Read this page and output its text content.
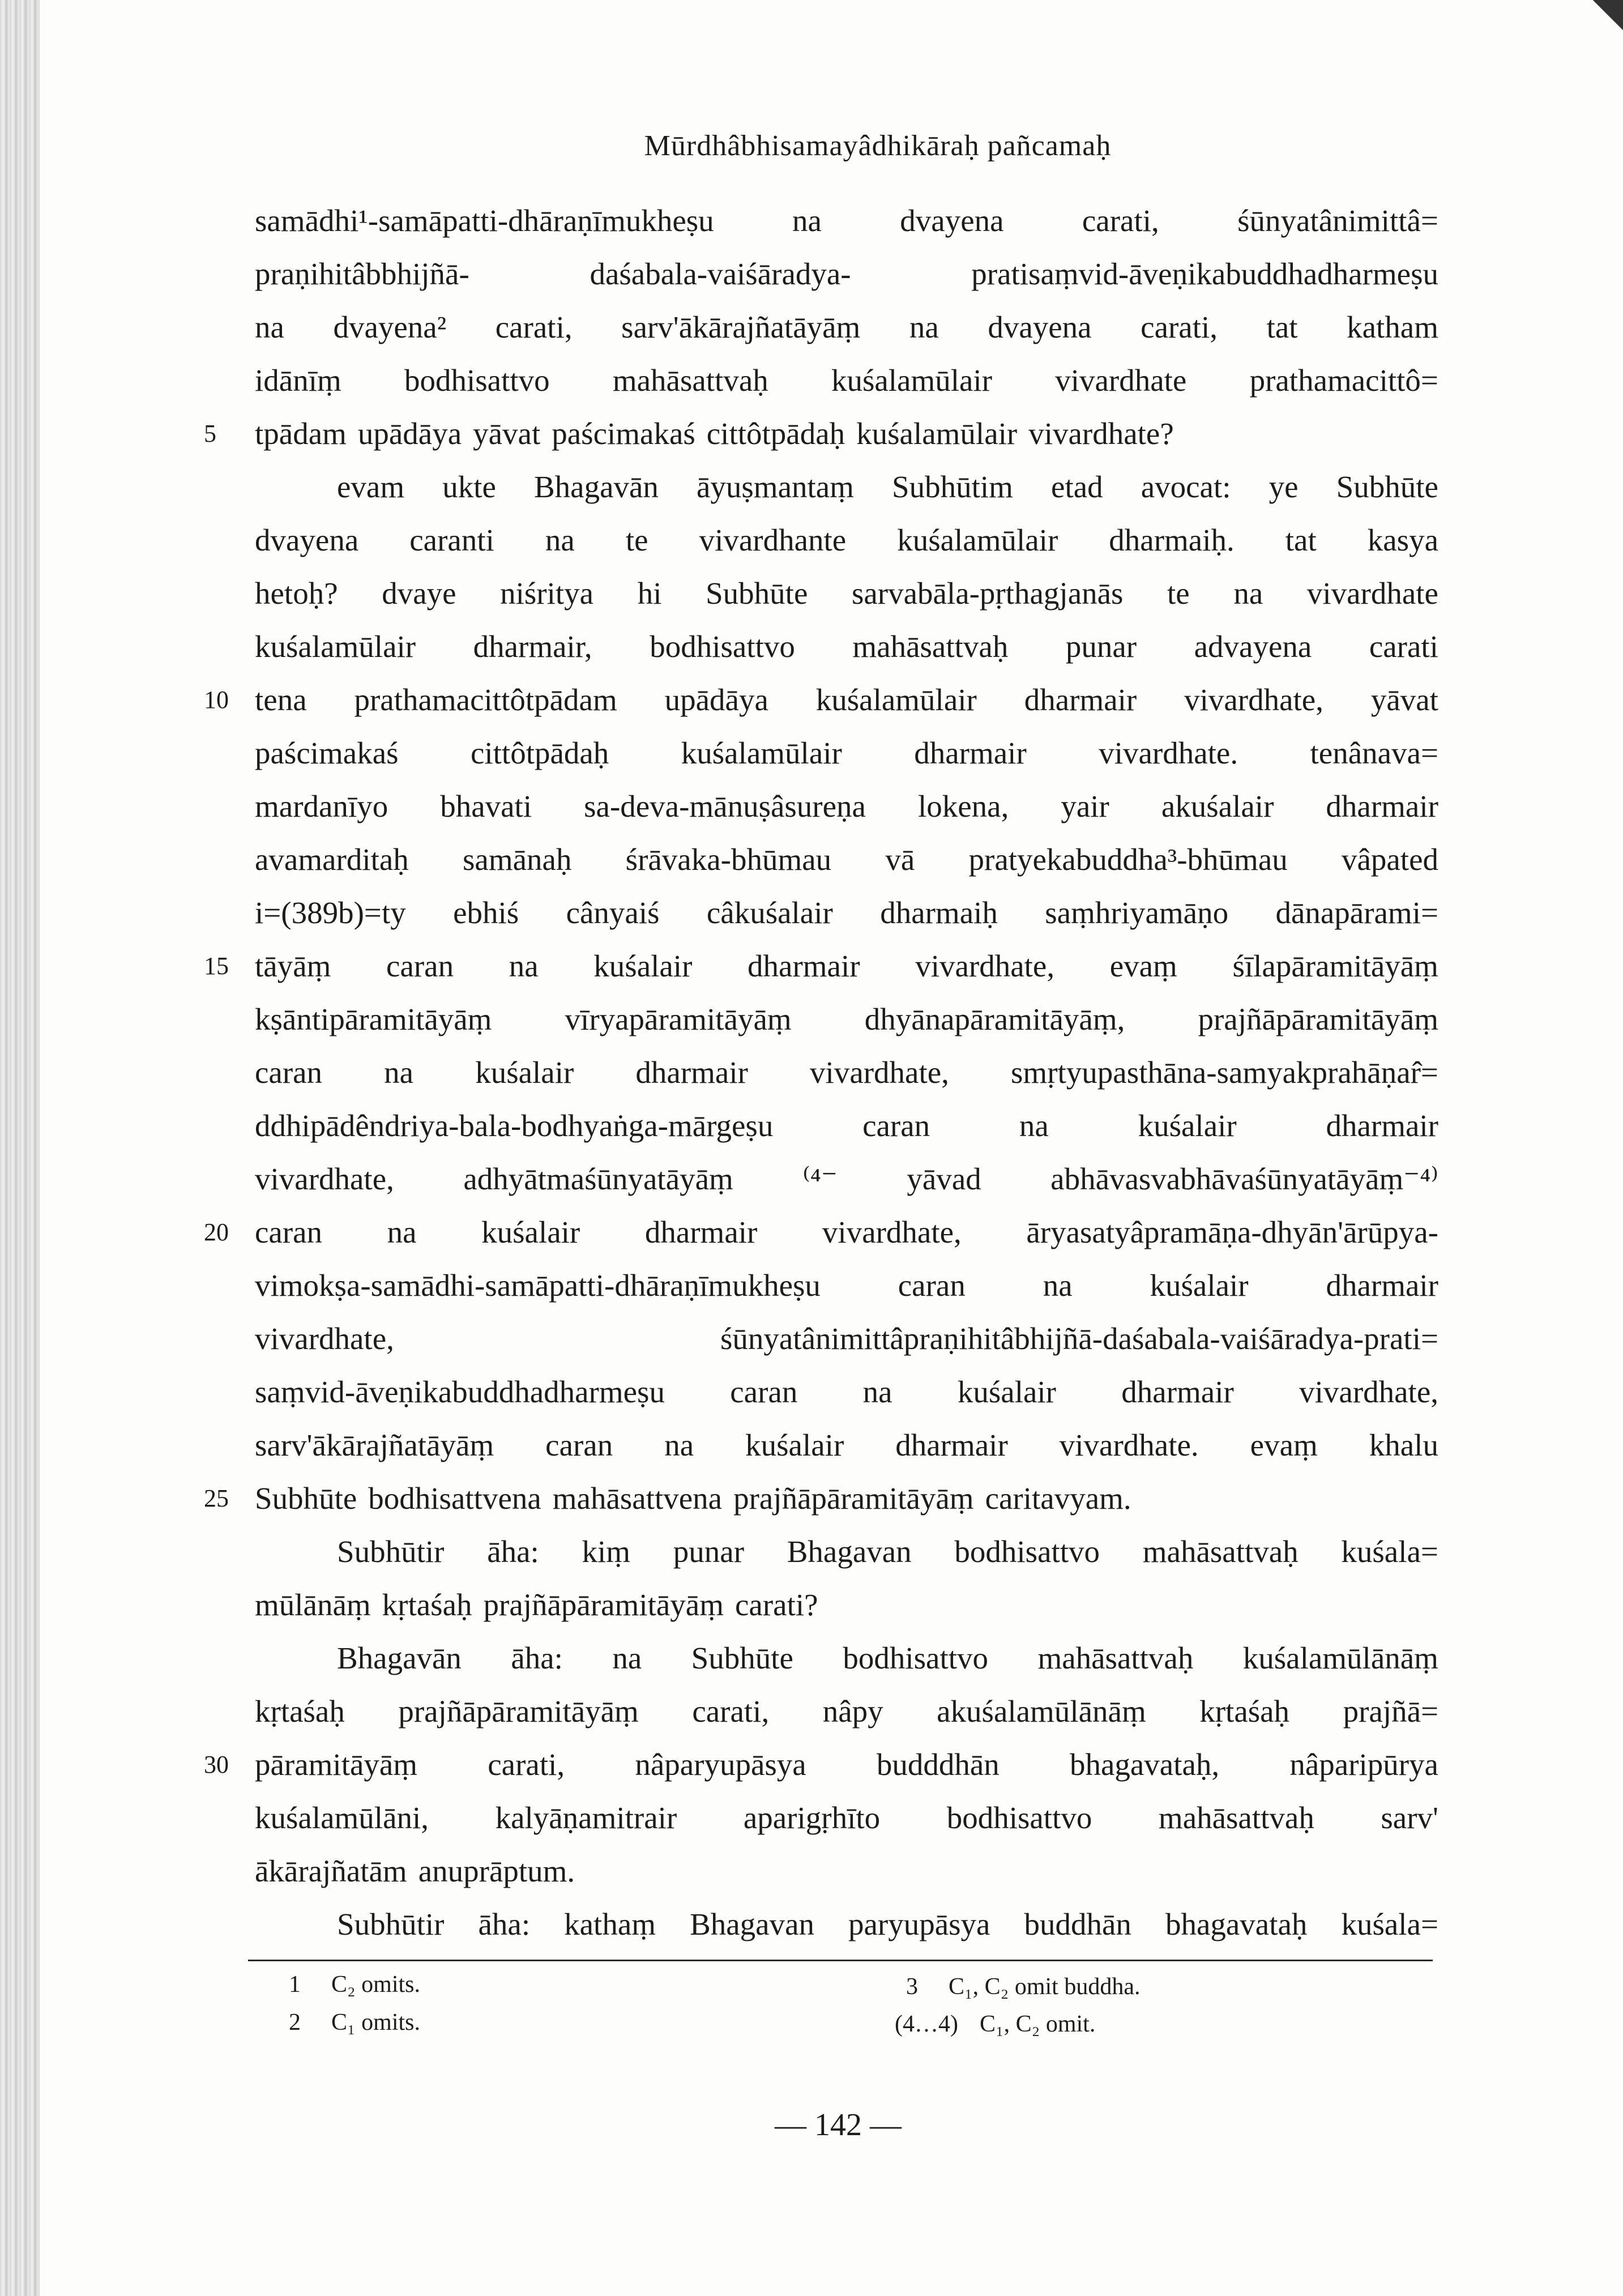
Mūrdhâbhisamayâdhikāraḥ pañcamaḥ
samādhi¹-samāpatti-dhāraṇīmukheṣu	na	dvayena	carati,	śūnyatânimittâ=
praṇihitâbbhijñā-	daśabala-vaiśāradya-	pratisaṃvid-āveṇikabuddhadharmeṣu
na dvayena² carati, sarv'ākārajñatāyāṃ na dvayena carati, tat katham
idānīṃ bodhisattvo mahāsattvaḥ kuśalamūlair vivardhate prathamacittô=
5	tpādam upādāya yāvat paścimakaś cittôtpādaḥ kuśalamūlair vivardhate?
evam ukte Bhagavān āyuṣmantaṃ Subhūtim etad avocat: ye Subhūte
dvayena caranti na te vivardhante kuśalamūlair dharmaiḥ. tat kasya
hetoḥ? dvaye niśritya hi Subhūte sarvabāla-pṛthagjanās te na vivardhate
kuśalamūlair dharmair, bodhisattvo mahāsattvaḥ punar advayena carati
10 tena prathamacittôtpādam upādāya kuśalamūlair dharmair vivardhate, yāvat
paścimakaś cittôtpādaḥ kuśalamūlair dharmair vivardhate. tenânava=
mardanīyo bhavati sa-deva-mānuṣâsureṇa lokena, yair akuśalair dharmair
avamarditaḥ samānaḥ śrāvaka-bhūmau vā pratyekabuddha³-bhūmau vâpated
i=(389b)=ty ebhiś cânyaiś câkuśalair dharmaiḥ saṃhriyamāṇo dānapārami=
15 tāyāṃ caran na kuśalair dharmair vivardhate, evaṃ śīlapāramitāyāṃ
kṣāntipāramitāyāṃ vīryapāramitāyāṃ dhyānapāramitāyāṃ, prajñāpāramitāyāṃ
caran na kuśalair dharmair vivardhate, smṛtyupasthāna-samyakprahāṇar̂=
ddhipādêndriya-bala-bodhyaṅga-mārgeṣu	caran	na	kuśalair	dharmair
vivardhate, adhyātmaśūnyatāyāṃ ⁽⁴⁻ yāvad abhāvasvabhāvaśūnyatāyāṃ⁻⁴⁾
20 caran na kuśalair dharmair vivardhate, āryasatyâpramāṇa-dhyān'ārūpya-
vimokṣa-samādhi-samāpatti-dhāraṇīmukheṣu caran na kuśalair dharmair
vivardhate,	śūnyatânimittâpraṇihitâbhijñā-daśabala-vaiśāradya-prati=
saṃvid-āveṇikabuddhadharmeṣu caran na kuśalair dharmair vivardhate,
sarv'ākārajñatāyāṃ caran na kuśalair dharmair vivardhate. evaṃ khalu
25 Subhūte bodhisattvena mahāsattvena prajñāpāramitāyāṃ caritavyam.
Subhūtir āha: kiṃ punar Bhagavan bodhisattvo mahāsattvaḥ kuśala=
mūlānāṃ kṛtaśaḥ prajñāpāramitāyāṃ carati?
Bhagavān āha: na Subhūte bodhisattvo mahāsattvaḥ kuśalamūlānāṃ
kṛtaśaḥ prajñāpāramitāyāṃ carati, nâpy akuśalamūlānāṃ kṛtaśaḥ prajñā=
30 pāramitāyāṃ carati, nâparyupāsya budddhān bhagavataḥ, nâparipūrya
kuśalamūlāni, kalyāṇamitrair aparigṛhīto bodhisattvo mahāsattvaḥ sarv'
ākārajñatām anuprāptum.
Subhūtir āha: kathaṃ Bhagavan paryupāsya buddhān bhagavataḥ kuśala=
1 C₂ omits.
2 C₁ omits.
3 C₁, C₂ omit buddha.
(4…4) C₁, C₂ omit.
— 142 —
